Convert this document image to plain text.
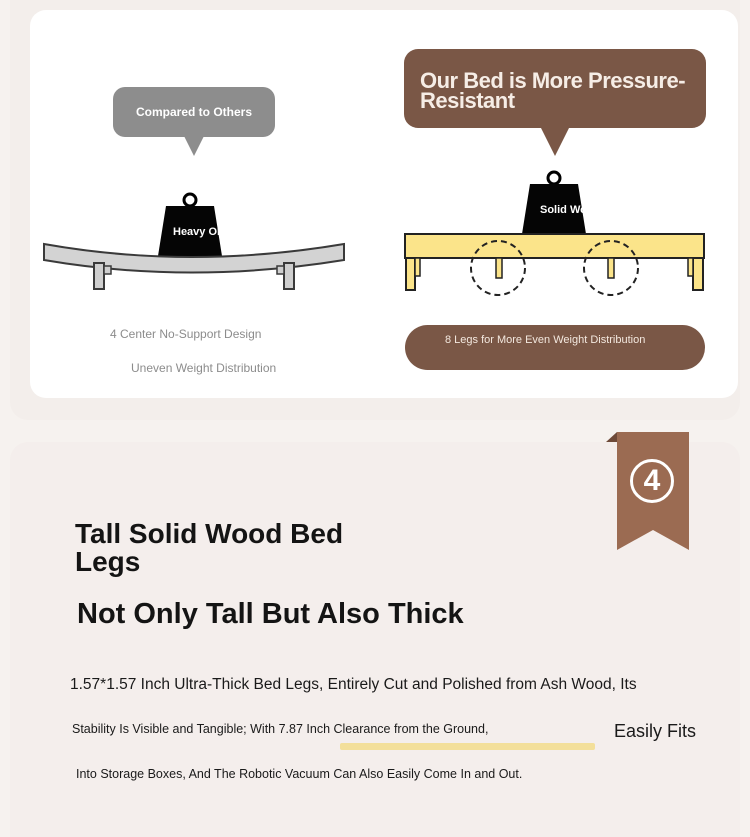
Compared to Others
Heavy Ob
4 Center No-Support Design
Uneven Weight Distribution
Our Bed is More Pressure-Resistant
Solid Wo
8 Legs for More Even Weight Distribution
4
Tall Solid Wood Bed Legs
Not Only Tall But Also Thick
1.57*1.57 Inch Ultra-Thick Bed Legs, Entirely Cut and Polished from Ash Wood, Its
Stability Is Visible and Tangible; With 7.87 Inch Clearance from the Ground,	Easily Fits
Into Storage Boxes, And The Robotic Vacuum Can Also Easily Come In and Out.
